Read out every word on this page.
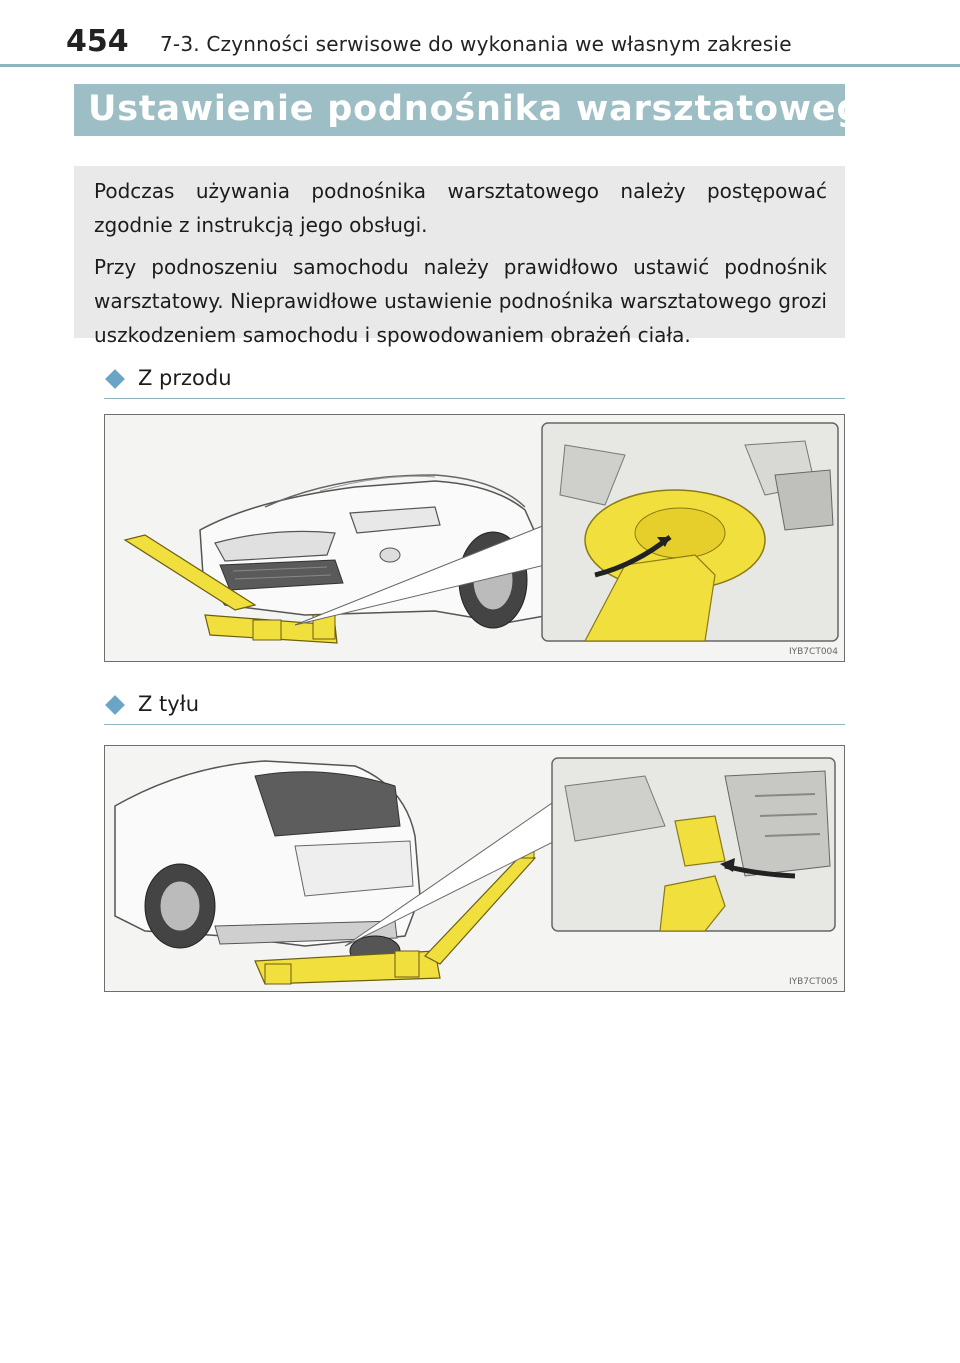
454 7-3. Czynności serwisowe do wykonania we własnym zakresie
Ustawienie podnośnika warsztatowego

Podczas używania podnośnika warsztatowego należy postępować zgodnie z instrukcją jego obsługi.

Przy podnoszeniu samochodu należy prawidłowo ustawić podnośnik warsztatowy. Nieprawidłowe ustawienie podnośnika warsztatowego grozi uszkodzeniem samochodu i spowodowaniem obrażeń ciała.

Z przodu
IYB7CT004
Z tyłu
IYB7CT005
